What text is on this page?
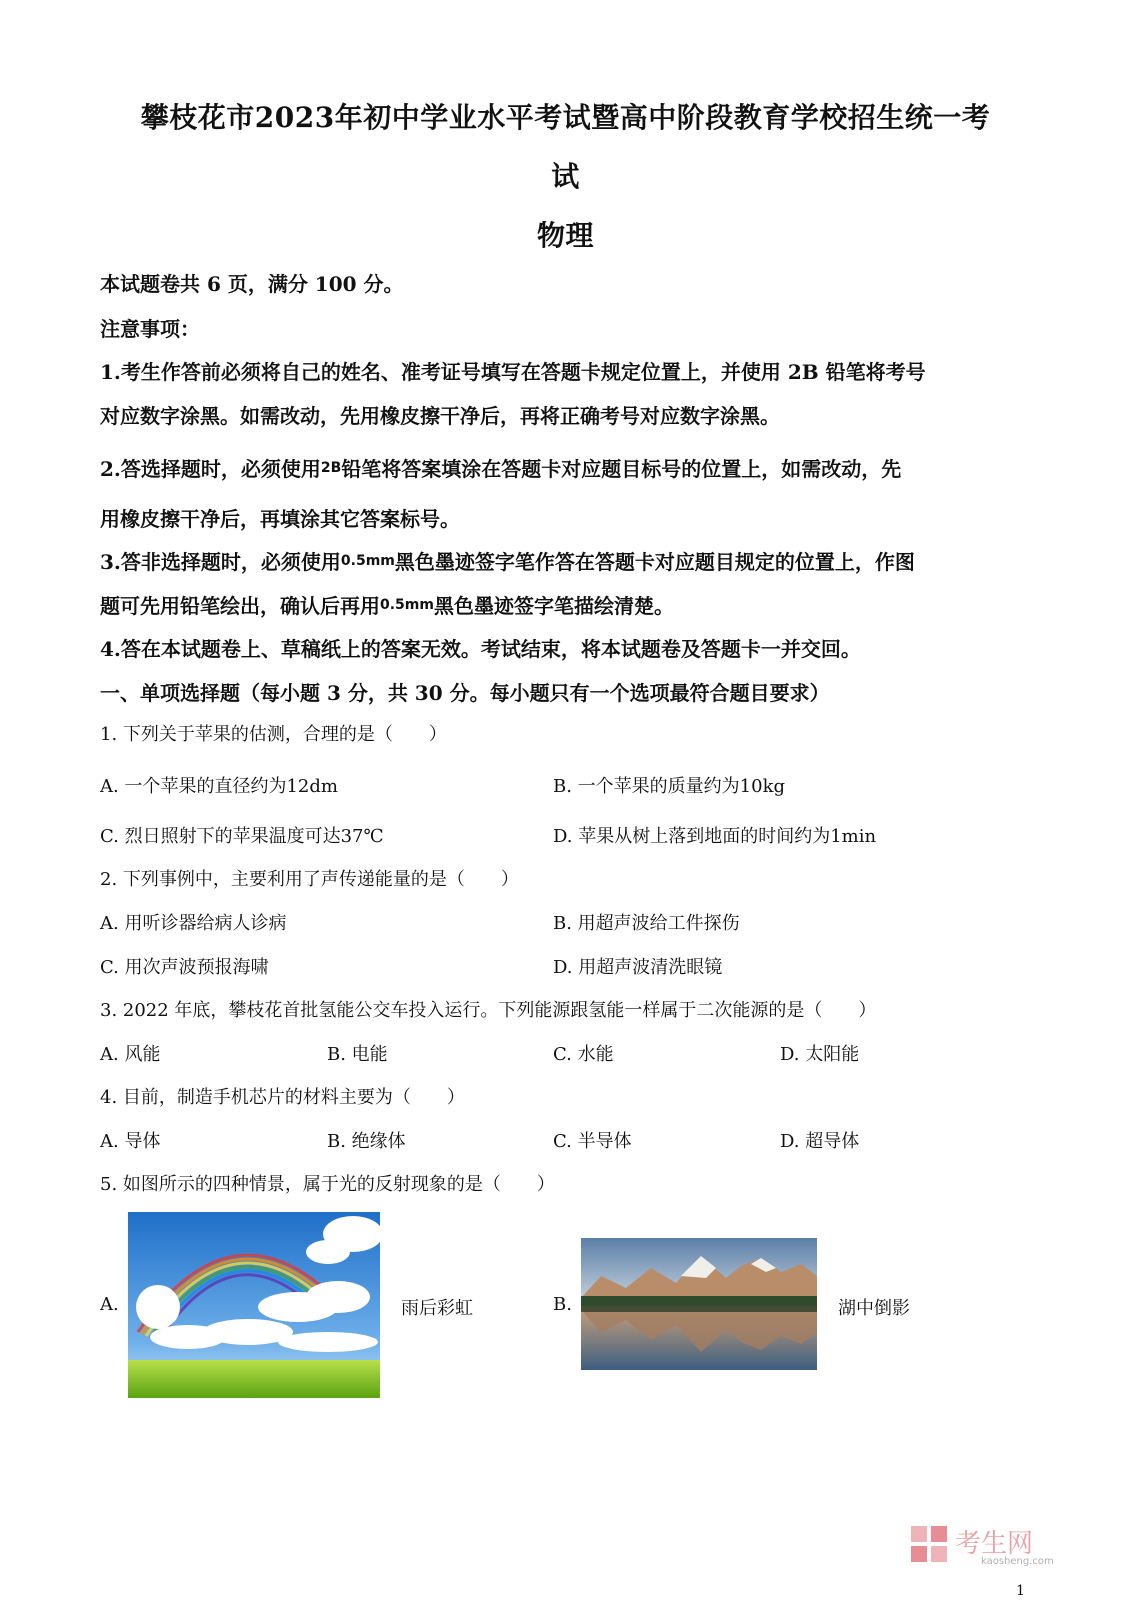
攀枝花市2023年初中学业水平考试暨高中阶段教育学校招生统一考
试
物理
本试题卷共 6 页，满分 100 分。
注意事项：
1.考生作答前必须将自己的姓名、准考证号填写在答题卡规定位置上，并使用 2B 铅笔将考号
对应数字涂黑。如需改动，先用橡皮擦干净后，再将正确考号对应数字涂黑。
2.答选择题时，必须使用$^{2B}$铅笔将答案填涂在答题卡对应题目标号的位置上，如需改动，先
用橡皮擦干净后，再填涂其它答案标号。
3.答非选择题时，必须使用$^{0.5mm}$黑色墨迹签字笔作答在答题卡对应题目规定的位置上，作图
题可先用铅笔绘出，确认后再用$^{0.5mm}$黑色墨迹签字笔描绘清楚。
4.答在本试题卷上、草稿纸上的答案无效。考试结束，将本试题卷及答题卡一并交回。
一、单项选择题（每小题 3 分，共 30 分。每小题只有一个选项最符合题目要求）
1. 下列关于苹果的估测，合理的是（　　）
A. 一个苹果的直径约为12dm	B. 一个苹果的质量约为10kg
C. 烈日照射下的苹果温度可达37℃	D. 苹果从树上落到地面的时间约为1min
2. 下列事例中，主要利用了声传递能量的是（　　）
A. 用听诊器给病人诊病	B. 用超声波给工件探伤
C. 用次声波预报海啸	D. 用超声波清洗眼镜
3. 2022 年底，攀枝花首批氢能公交车投入运行。下列能源跟氢能一样属于二次能源的是（　　）
A. 风能	B. 电能	C. 水能	D. 太阳能
4. 目前，制造手机芯片的材料主要为（　　）
A. 导体	B. 绝缘体	C. 半导体	D. 超导体
5. 如图所示的四种情景，属于光的反射现象的是（　　）
A.	雨后彩虹	B.	湖中倒影
考生网
kaosheng.com
1
